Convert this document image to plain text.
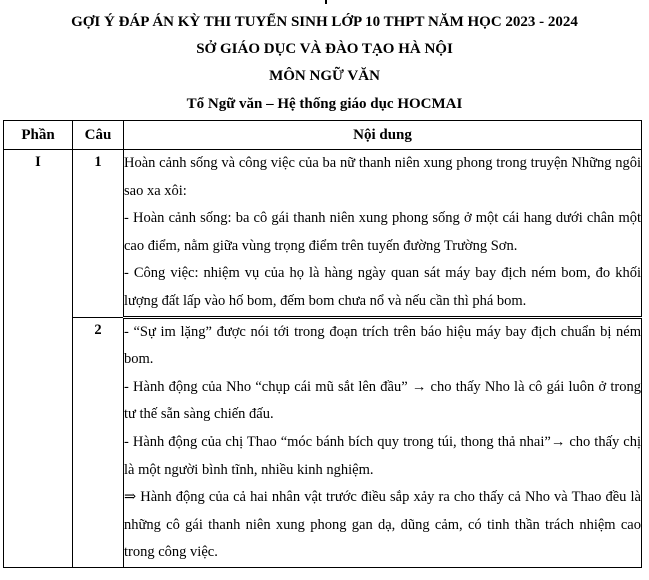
GỢI Ý ĐÁP ÁN KỲ THI TUYỂN SINH LỚP 10 THPT NĂM HỌC 2023 - 2024
SỞ GIÁO DỤC VÀ ĐÀO TẠO HÀ NỘI
MÔN NGỮ VĂN
Tổ Ngữ văn – Hệ thống giáo dục HOCMAI
Phần	Câu	Nội dung
I	1	Hoàn cảnh sống và công việc của ba nữ thanh niên xung phong trong truyện Những ngôi sao xa xôi:

- Hoàn cảnh sống: ba cô gái thanh niên xung phong sống ở một cái hang dưới chân một cao điểm, nằm giữa vùng trọng điểm trên tuyến đường Trường Sơn.

- Công việc: nhiệm vụ của họ là hàng ngày quan sát máy bay địch ném bom, đo khối lượng đất lấp vào hố bom, đếm bom chưa nổ và nếu cần thì phá bom.

	2	- “Sự im lặng” được nói tới trong đoạn trích trên báo hiệu máy bay địch chuẩn bị ném bom.

- Hành động của Nho “chụp cái mũ sắt lên đầu” → cho thấy Nho là cô gái luôn ở trong tư thế sẵn sàng chiến đấu.

- Hành động của chị Thao “móc bánh bích quy trong túi, thong thả nhai”→ cho thấy chị là một người bình tĩnh, nhiều kinh nghiệm.

⇒ Hành động của cả hai nhân vật trước điều sắp xảy ra cho thấy cả Nho và Thao đều là những cô gái thanh niên xung phong gan dạ, dũng cảm, có tinh thần trách nhiệm cao trong công việc.
